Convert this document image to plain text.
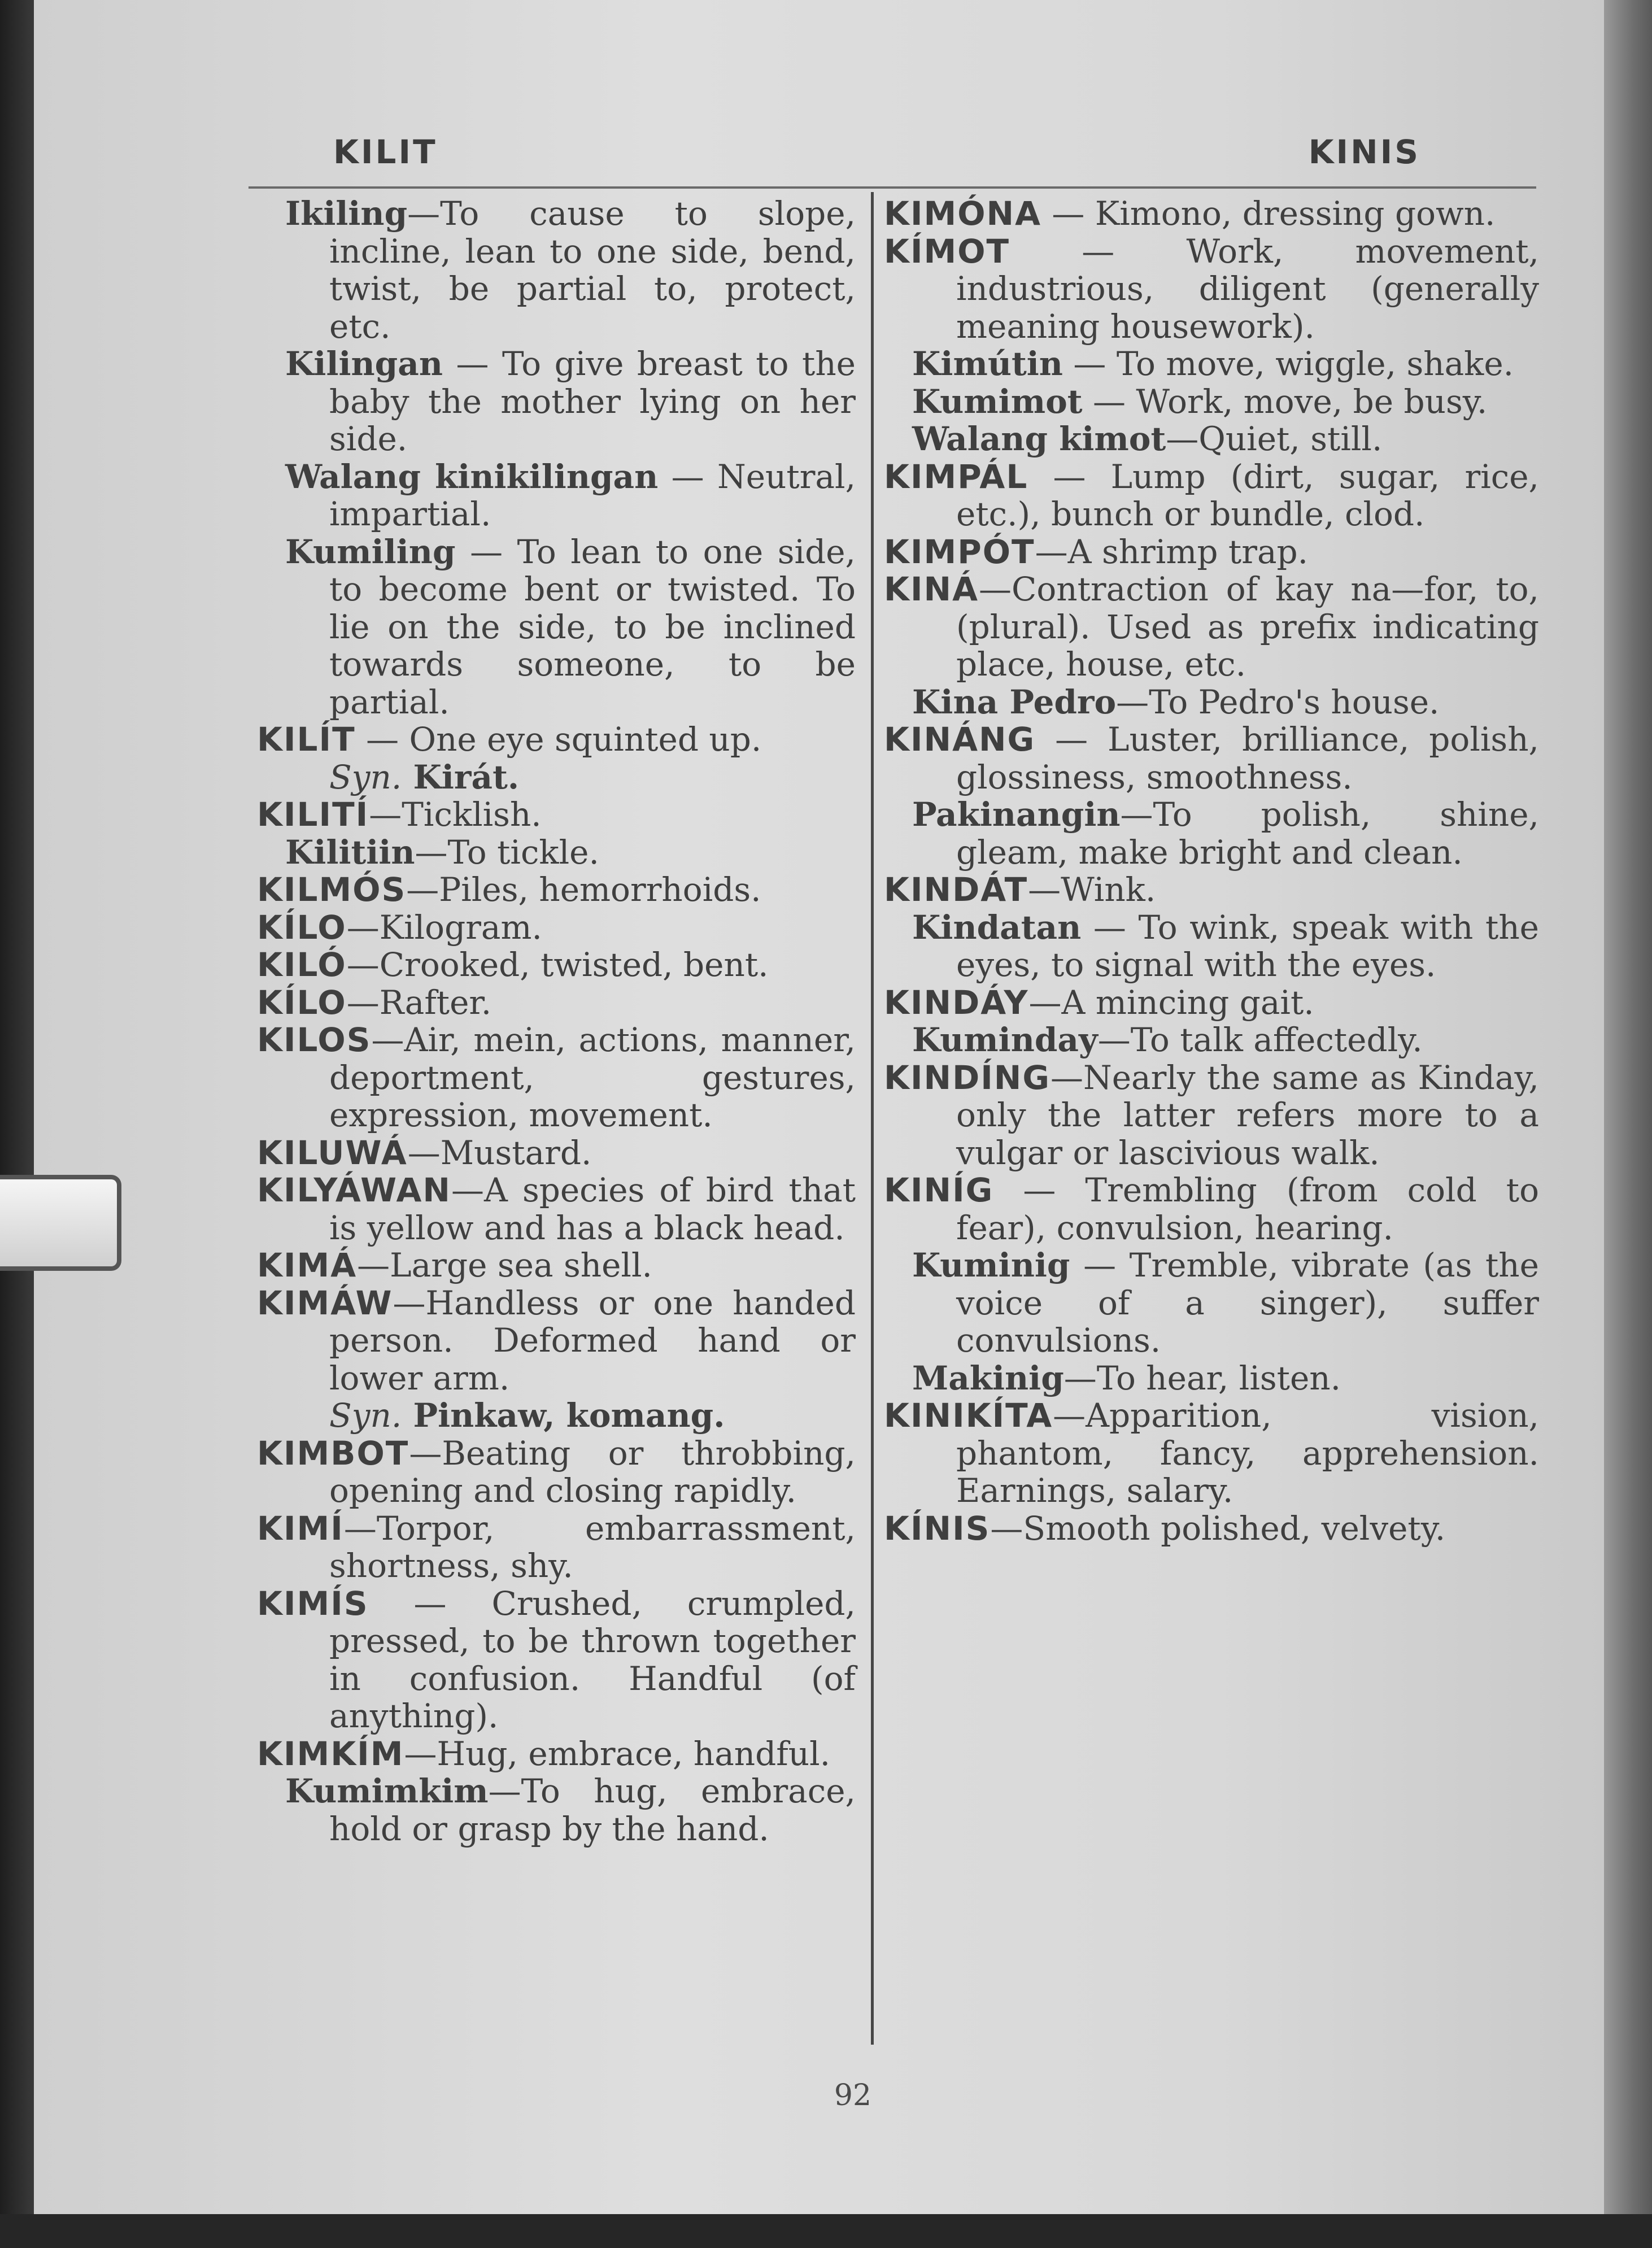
KILIT	KINIS

Ikiling—To cause to slope, incline, lean to one side, bend, twist, be partial to, protect, etc.

Kilingan — To give breast to the baby the mother lying on her side.

Walang kinikilingan — Neutral, impartial.

Kumiling — To lean to one side, to become bent or twisted. To lie on the side, to be inclined towards someone, to be partial.

KILÍT — One eye squinted up.
Syn. Kirát.

KILITÍ—Ticklish.

Kilitiin—To tickle.

KILMÓS—Piles, hemorrhoids.

KÍLO—Kilogram.

KILÓ—Crooked, twisted, bent.

KÍLO—Rafter.

KILOS—Air, mein, actions, manner, deportment, gestures, expression, movement.

KILUWÁ—Mustard.

KILYÁWAN—A species of bird that is yellow and has a black head.

KIMÁ—Large sea shell.

KIMÁW—Handless or one handed person. Deformed hand or lower arm.
Syn. Pinkaw, komang.

KIMBOT—Beating or throbbing, opening and closing rapidly.

KIMÍ—Torpor, embarrassment, shortness, shy.

KIMÍS — Crushed, crumpled, pressed, to be thrown together in confusion. Handful (of anything).

KIMKÍM—Hug, embrace, handful.

Kumimkim—To hug, embrace, hold or grasp by the hand.

KIMÓNA — Kimono, dressing gown.

KÍMOT — Work, movement, industrious, diligent (generally meaning housework).

Kimútin — To move, wiggle, shake.

Kumimot — Work, move, be busy.

Walang kimot—Quiet, still.

KIMPÁL — Lump (dirt, sugar, rice, etc.), bunch or bundle, clod.

KIMPÓT—A shrimp trap.

KINÁ—Contraction of kay na—for, to, (plural). Used as prefix indicating place, house, etc.

Kina Pedro—To Pedro's house.

KINÁNG — Luster, brilliance, polish, glossiness, smoothness.

Pakinangin—To polish, shine, gleam, make bright and clean.

KINDÁT—Wink.

Kindatan — To wink, speak with the eyes, to signal with the eyes.

KINDÁY—A mincing gait.

Kuminday—To talk affectedly.

KINDÍNG—Nearly the same as Kinday, only the latter refers more to a vulgar or lascivious walk.

KINÍG — Trembling (from cold to fear), convulsion, hearing.

Kuminig — Tremble, vibrate (as the voice of a singer), suffer convulsions.

Makinig—To hear, listen.

KINIKÍTA—Apparition, vision, phantom, fancy, apprehension. Earnings, salary.

KÍNIS—Smooth polished, velvety.

92
